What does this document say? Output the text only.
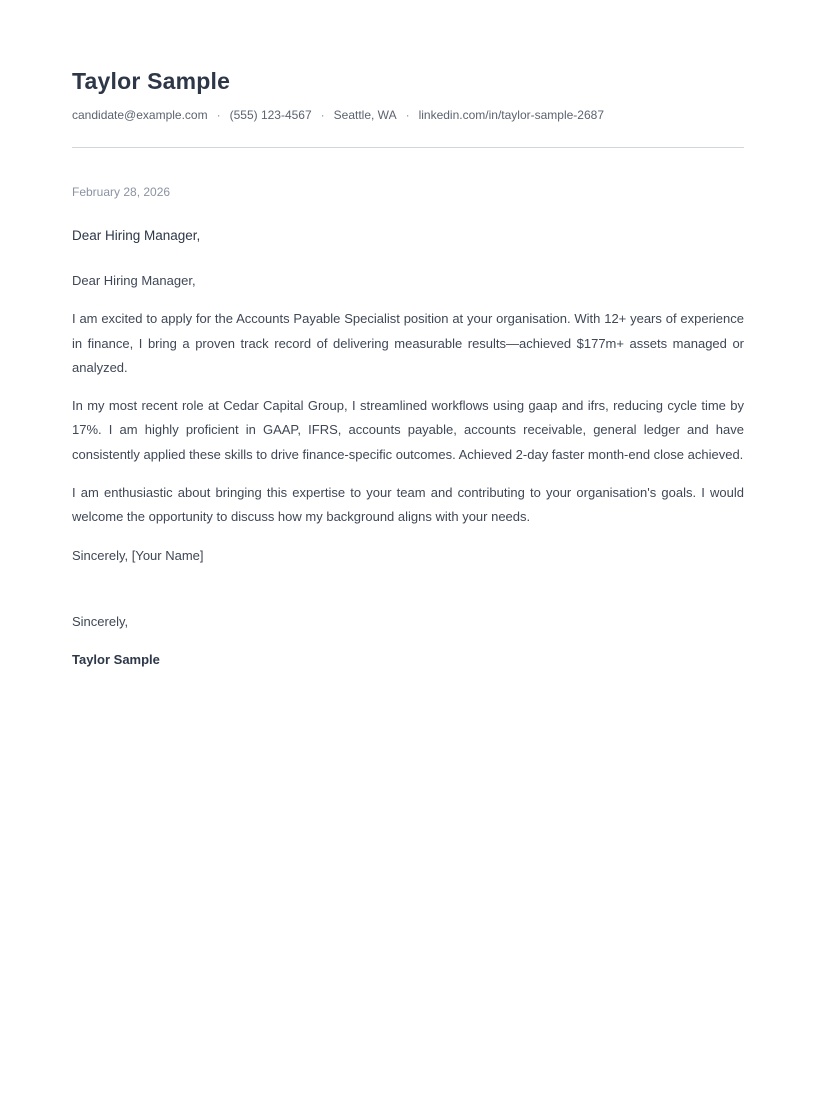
Taylor Sample
candidate@example.com · (555) 123-4567 · Seattle, WA · linkedin.com/in/taylor-sample-2687
February 28, 2026
Dear Hiring Manager,

Dear Hiring Manager,

I am excited to apply for the Accounts Payable Specialist position at your organisation. With 12+ years of experience in finance, I bring a proven track record of delivering measurable results—achieved $177m+ assets managed or analyzed.

In my most recent role at Cedar Capital Group, I streamlined workflows using gaap and ifrs, reducing cycle time by 17%. I am highly proficient in GAAP, IFRS, accounts payable, accounts receivable, general ledger and have consistently applied these skills to drive finance-specific outcomes. Achieved 2-day faster month-end close achieved.

I am enthusiastic about bringing this expertise to your team and contributing to your organisation's goals. I would welcome the opportunity to discuss how my background aligns with your needs.

Sincerely, [Your Name]

Sincerely,
Taylor Sample
